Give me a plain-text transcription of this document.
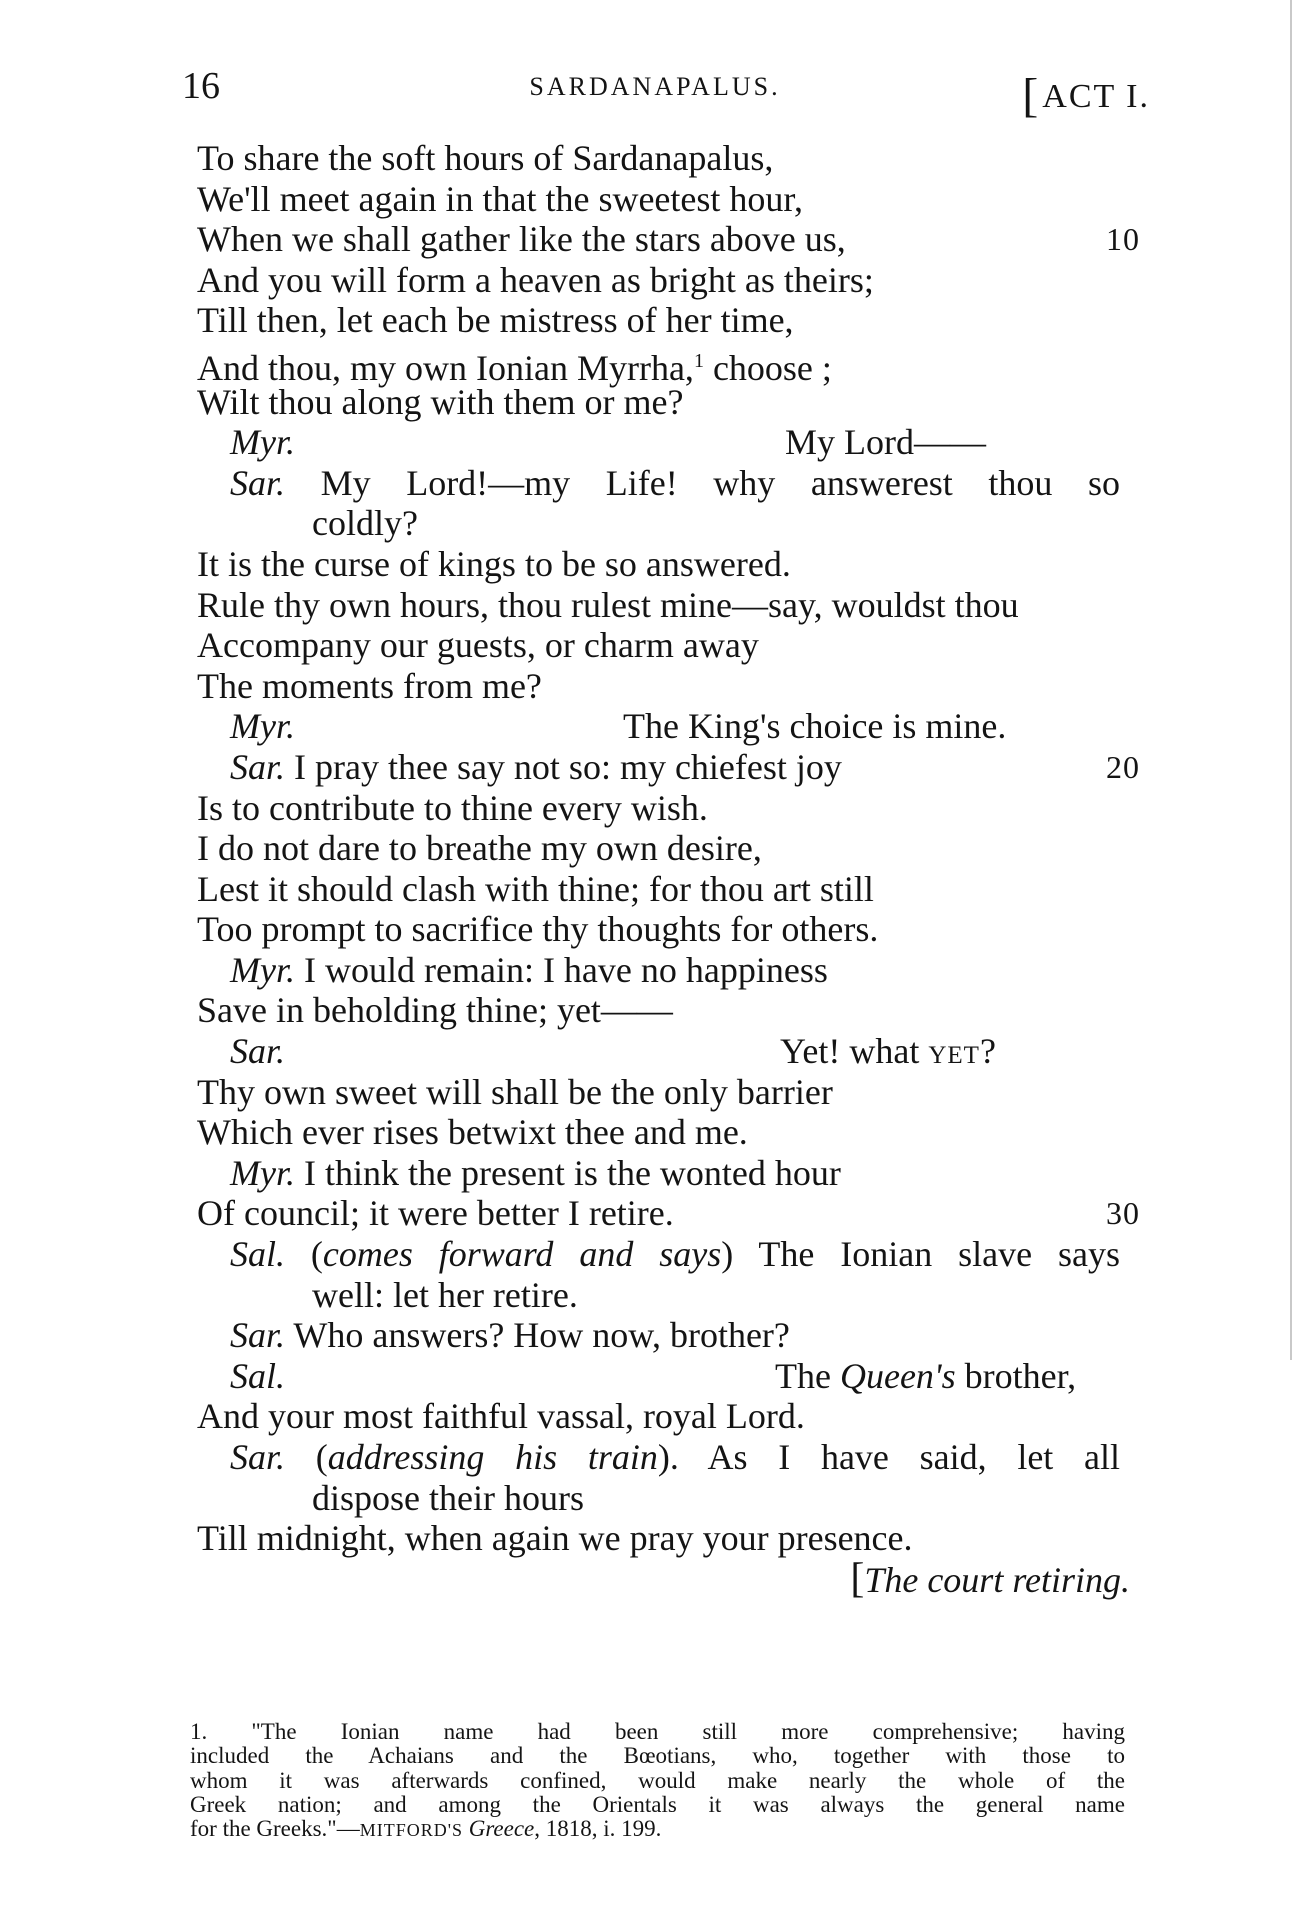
16	SARDANAPALUS.	[ACT I.
To share the soft hours of Sardanapalus,
We'll meet again in that the sweetest hour,
When we shall gather like the stars above us,	10
And you will form a heaven as bright as theirs;
Till then, let each be mistress of her time,
And thou, my own Ionian Myrrha,$^1$ choose ;
Wilt thou along with them or me?
Myr.	My Lord——
Sar. My Lord!—my Life! why answerest thou so
coldly?
It is the curse of kings to be so answered.
Rule thy own hours, thou rulest mine—say, wouldst thou
Accompany our guests, or charm away
The moments from me?
Myr.	The King's choice is mine.
Sar. I pray thee say not so: my chiefest joy	20
Is to contribute to thine every wish.
I do not dare to breathe my own desire,
Lest it should clash with thine; for thou art still
Too prompt to sacrifice thy thoughts for others.
Myr. I would remain: I have no happiness
Save in beholding thine; yet——
Sar.	Yet! what YET?
Thy own sweet will shall be the only barrier
Which ever rises betwixt thee and me.
Myr. I think the present is the wonted hour
Of council; it were better I retire.	30
Sal. (comes forward and says) The Ionian slave says
well: let her retire.
Sar. Who answers? How now, brother?
Sal.	The Queen's brother,
And your most faithful vassal, royal Lord.
Sar. (addressing his train). As I have said, let all
dispose their hours
Till midnight, when again we pray your presence.
[The court retiring.
1. "The Ionian name had been still more comprehensive; having
included the Achaians and the Bœotians, who, together with those to
whom it was afterwards confined, would make nearly the whole of the
Greek nation; and among the Orientals it was always the general name
for the Greeks."—MITFORD'S Greece, 1818, i. 199.
